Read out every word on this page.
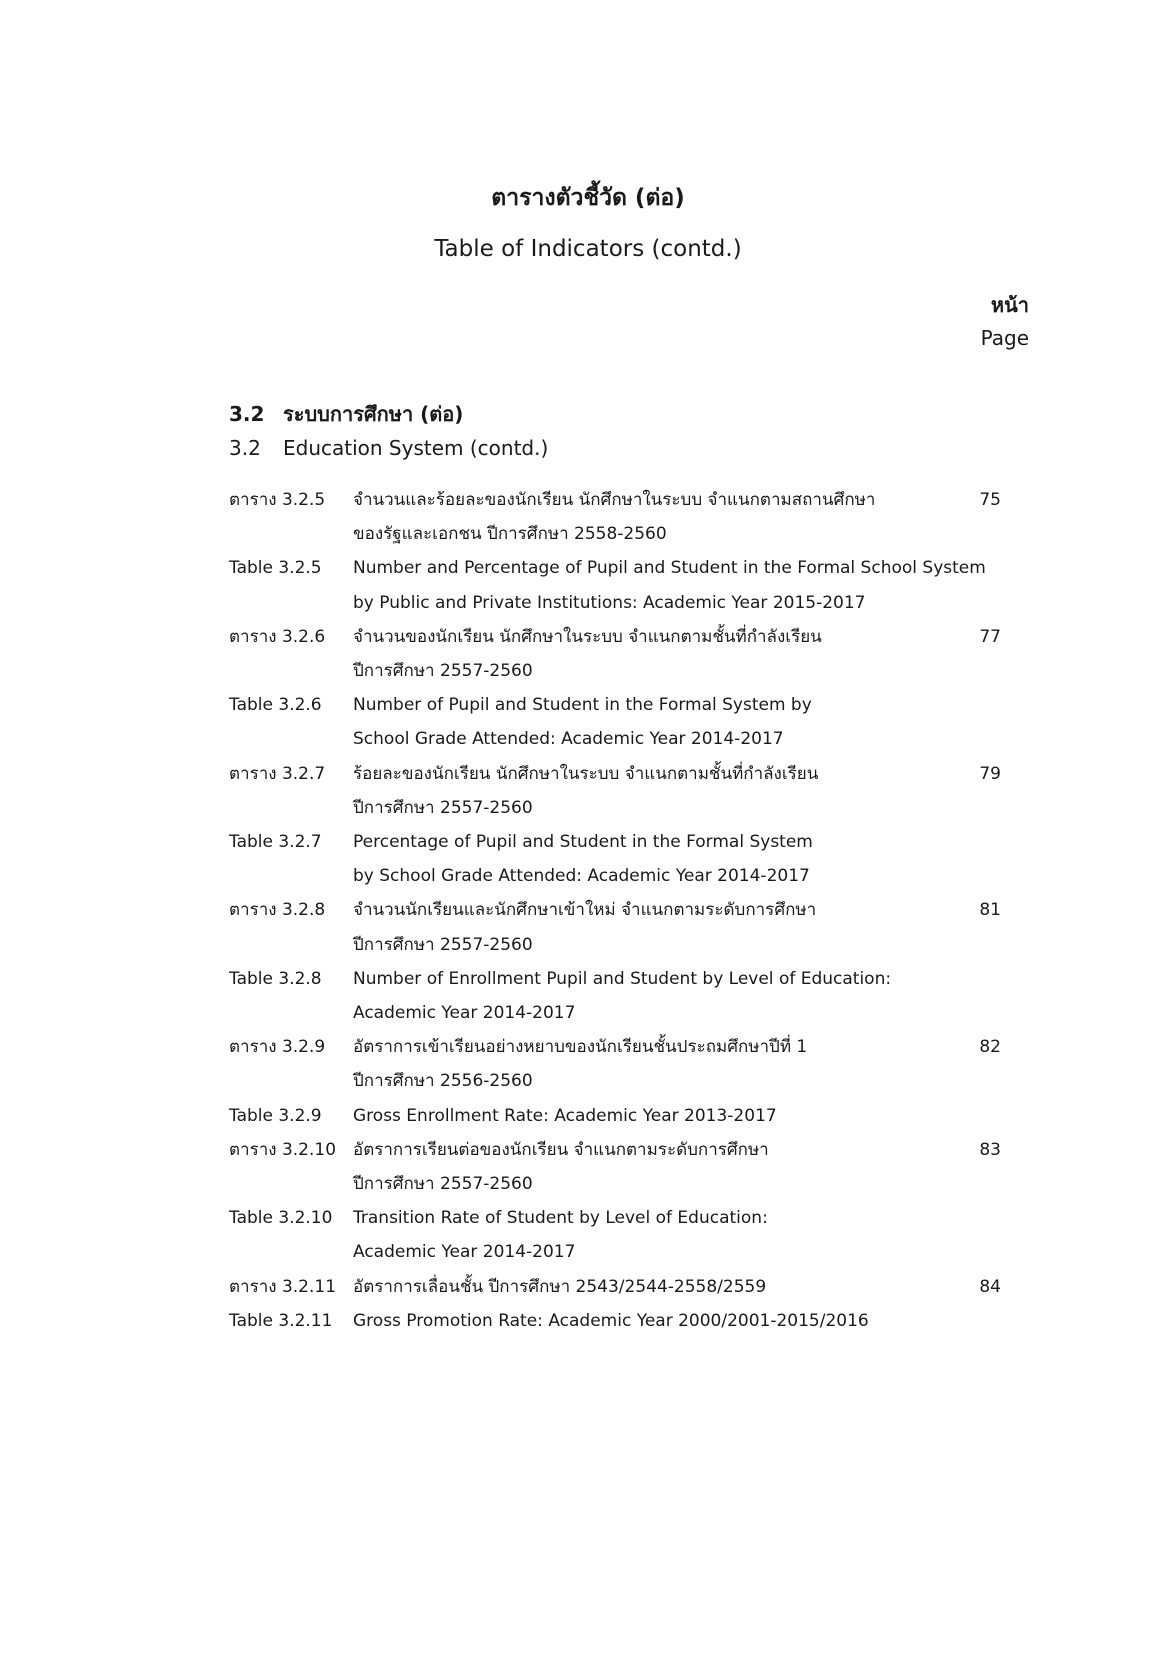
ตารางตัวชี้วัด (ต่อ)
Table of Indicators (contd.)
หน้า
Page
3.2 ระบบการศึกษา (ต่อ)
3.2 Education System (contd.)
ตาราง 3.2.5	จำนวนและร้อยละของนักเรียน นักศึกษาในระบบ จำแนกตามสถานศึกษา
ของรัฐและเอกชน ปีการศึกษา 2558-2560
75
Table 3.2.5	Number and Percentage of Pupil and Student in the Formal School System
by Public and Private Institutions: Academic Year 2015-2017
ตาราง 3.2.6	จำนวนของนักเรียน นักศึกษาในระบบ จำแนกตามชั้นที่กำลังเรียน
ปีการศึกษา 2557-2560
77
Table 3.2.6	Number of Pupil and Student in the Formal System by
School Grade Attended: Academic Year 2014-2017
ตาราง 3.2.7	ร้อยละของนักเรียน นักศึกษาในระบบ จำแนกตามชั้นที่กำลังเรียน
ปีการศึกษา 2557-2560
79
Table 3.2.7	Percentage of Pupil and Student in the Formal System
by School Grade Attended: Academic Year 2014-2017
ตาราง 3.2.8	จำนวนนักเรียนและนักศึกษาเข้าใหม่ จำแนกตามระดับการศึกษา
ปีการศึกษา 2557-2560
81
Table 3.2.8	Number of Enrollment Pupil and Student by Level of Education:
Academic Year 2014-2017
ตาราง 3.2.9	อัตราการเข้าเรียนอย่างหยาบของนักเรียนชั้นประถมศึกษาปีที่ 1
ปีการศึกษา 2556-2560
82
Table 3.2.9	Gross Enrollment Rate: Academic Year 2013-2017
ตาราง 3.2.10 อัตราการเรียนต่อของนักเรียน จำแนกตามระดับการศึกษา
ปีการศึกษา 2557-2560
83
Table 3.2.10	Transition Rate of Student by Level of Education:
Academic Year 2014-2017
ตาราง 3.2.11 อัตราการเลื่อนชั้น ปีการศึกษา 2543/2544-2558/2559	84
Table 3.2.11	Gross Promotion Rate: Academic Year 2000/2001-2015/2016
